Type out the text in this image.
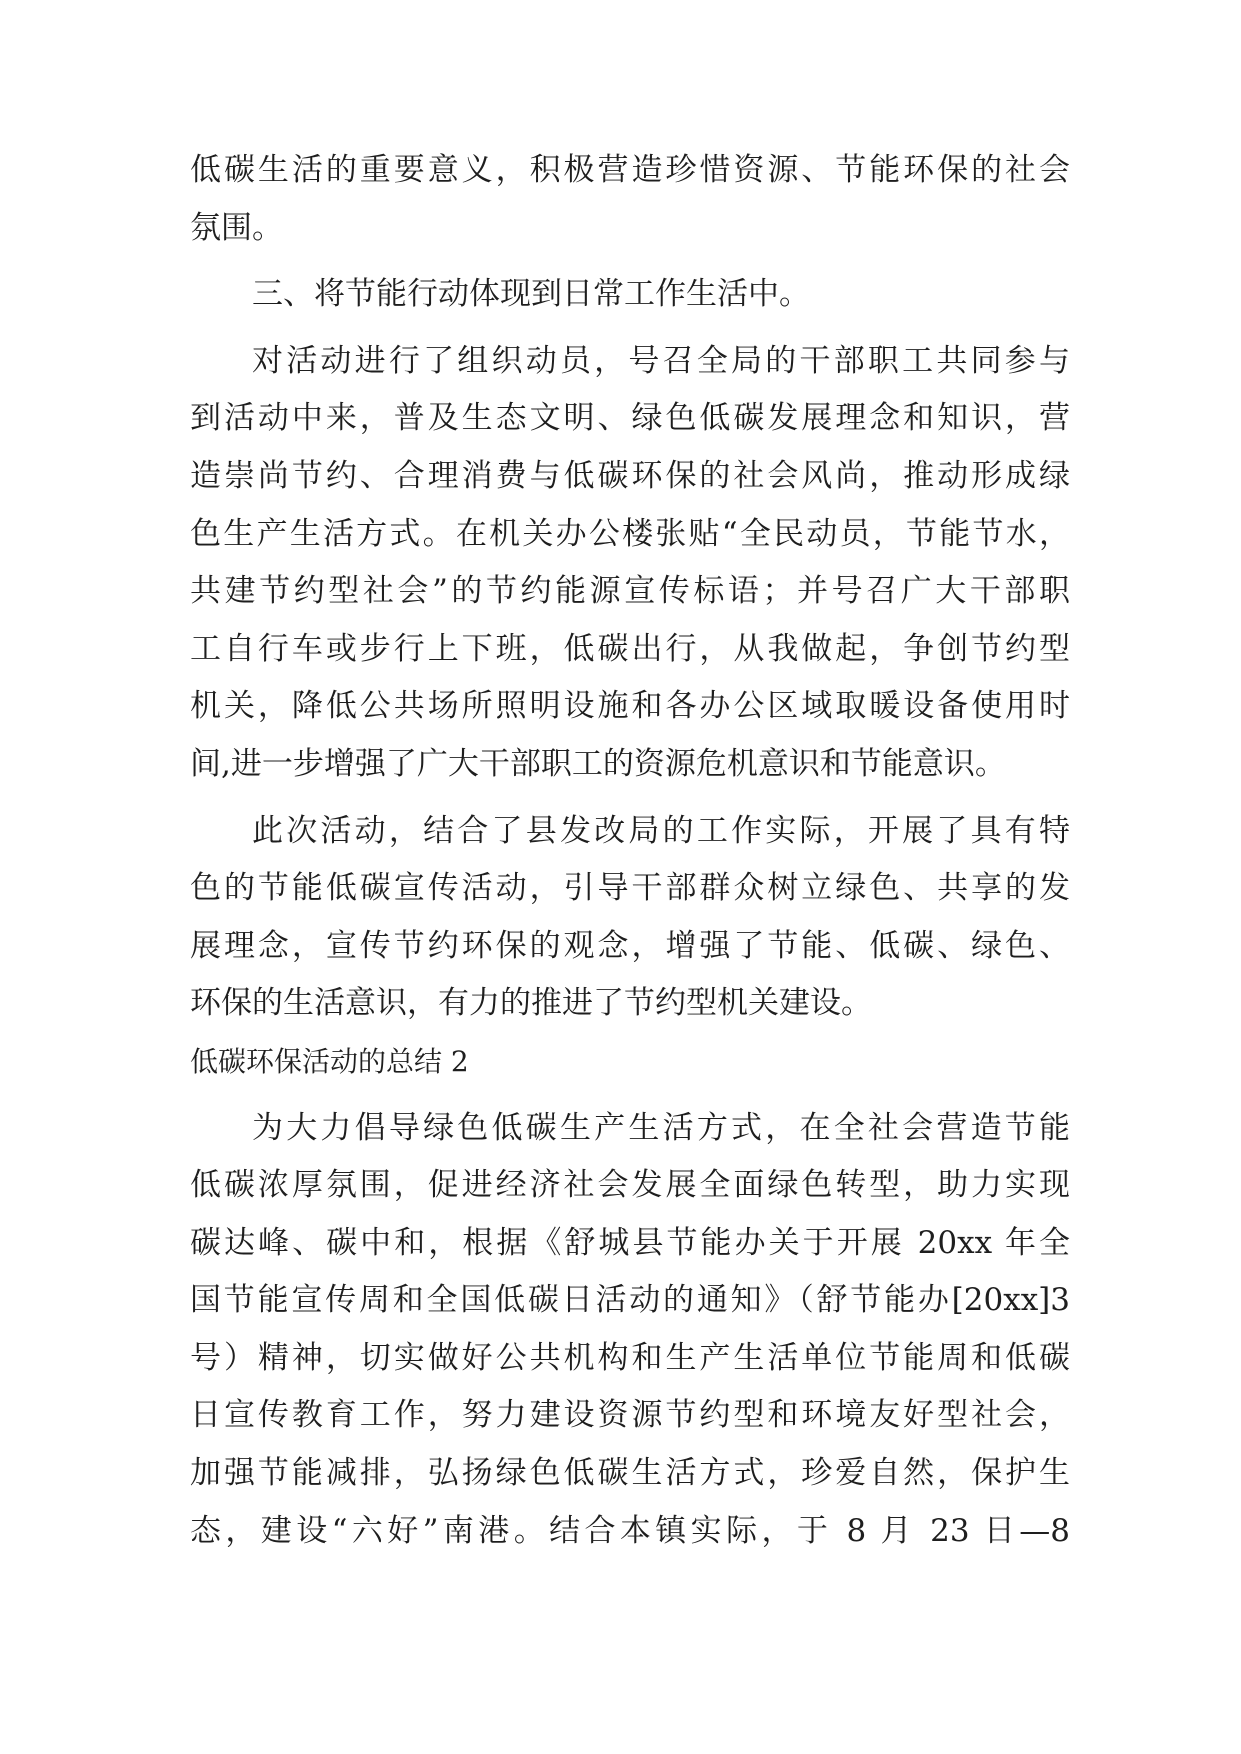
低碳生活的重要意义，积极营造珍惜资源、节能环保的社会
氛围。
三、将节能行动体现到日常工作生活中。
对活动进行了组织动员，号召全局的干部职工共同参与
到活动中来，普及生态文明、绿色低碳发展理念和知识，营
造崇尚节约、合理消费与低碳环保的社会风尚，推动形成绿
色生产生活方式。在机关办公楼张贴“全民动员，节能节水，
共建节约型社会”的节约能源宣传标语；并号召广大干部职
工自行车或步行上下班，低碳出行，从我做起，争创节约型
机关，降低公共场所照明设施和各办公区域取暖设备使用时
间,进一步增强了广大干部职工的资源危机意识和节能意识。
此次活动，结合了县发改局的工作实际，开展了具有特
色的节能低碳宣传活动，引导干部群众树立绿色、共享的发
展理念，宣传节约环保的观念，增强了节能、低碳、绿色、
环保的生活意识，有力的推进了节约型机关建设。
低碳环保活动的总结 2
为大力倡导绿色低碳生产生活方式，在全社会营造节能
低碳浓厚氛围，促进经济社会发展全面绿色转型，助力实现
碳达峰、碳中和，根据《舒城县节能办关于开展 20xx 年全
国节能宣传周和全国低碳日活动的通知》（舒节能办[20xx]3
号）精神，切实做好公共机构和生产生活单位节能周和低碳
日宣传教育工作，努力建设资源节约型和环境友好型社会，
加强节能减排，弘扬绿色低碳生活方式，珍爱自然，保护生
态，建设“六好”南港。结合本镇实际，于 8 月 23 日—8
